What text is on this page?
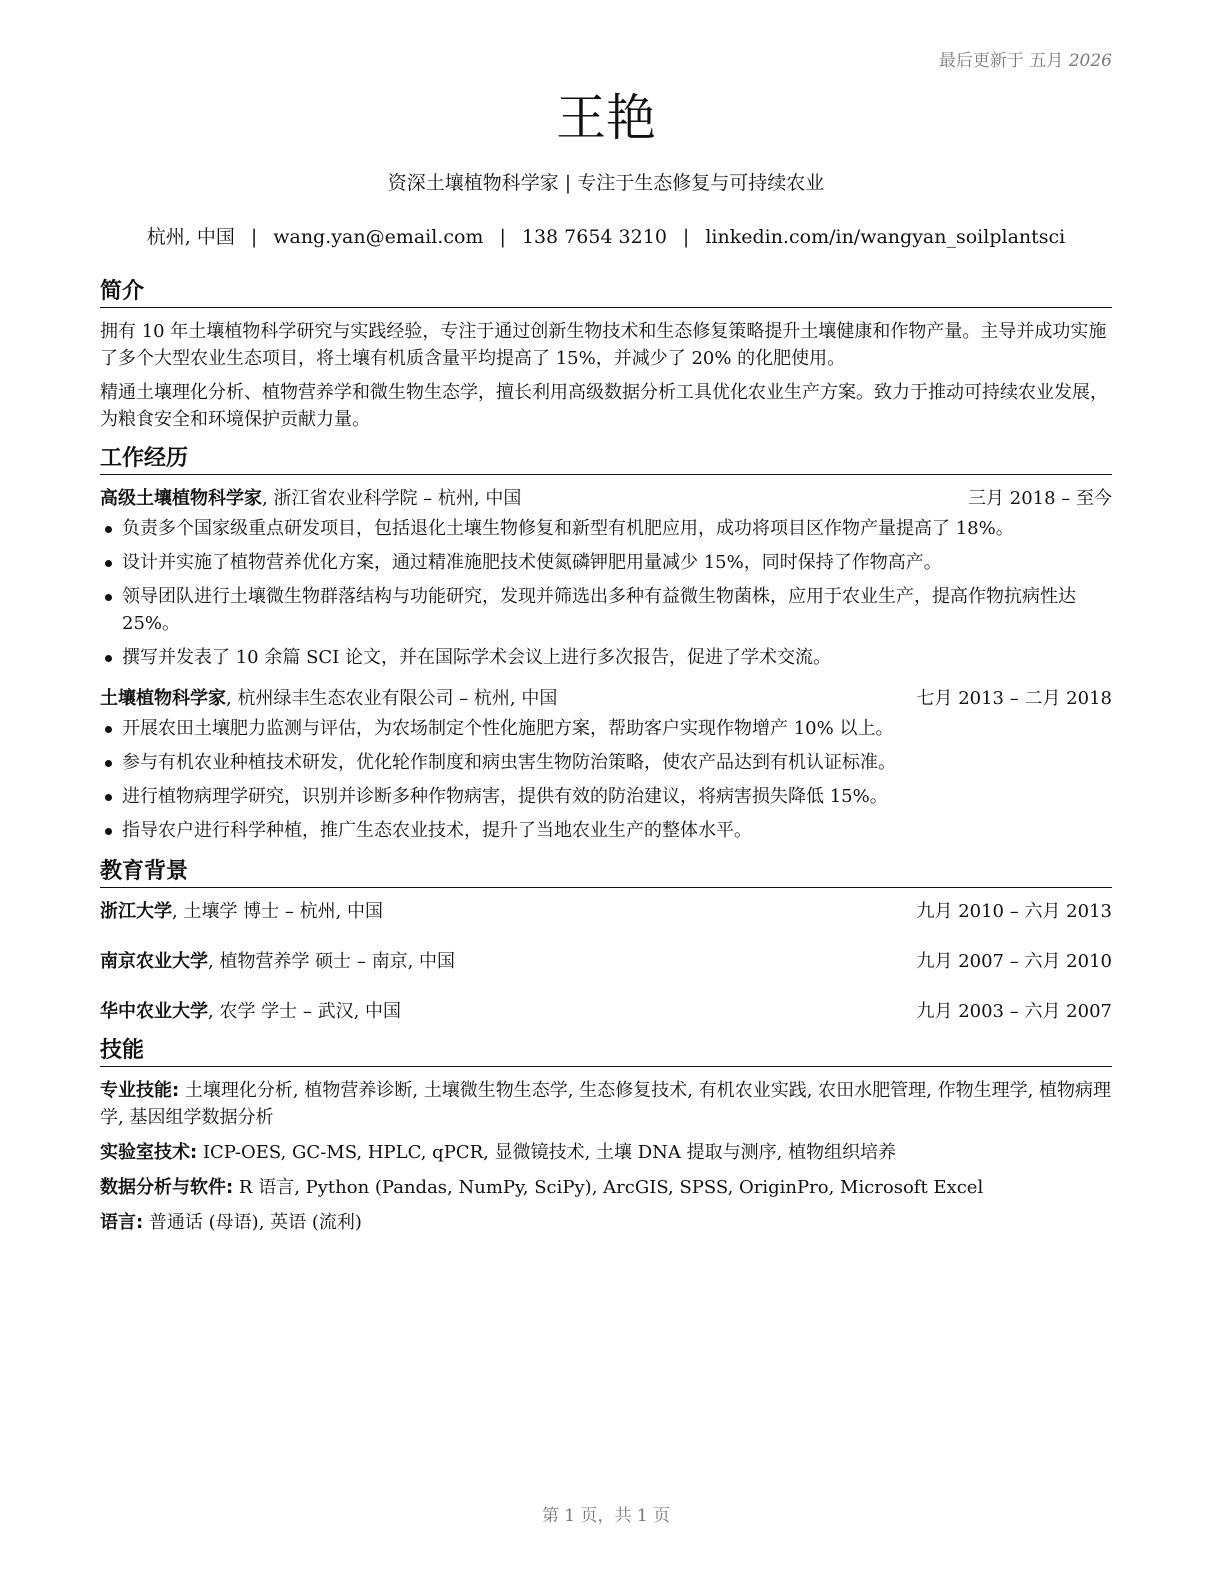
最后更新于 五月 2026
王艳
资深土壤植物科学家 | 专注于生态修复与可持续农业
杭州, 中国 | wang.yan@email.com | 138 7654 3210 | linkedin.com/in/wangyan_soilplantsci
简介

拥有 10 年土壤植物科学研究与实践经验，专注于通过创新生物技术和生态修复策略提升土壤健康和作物产量。主导并成功实施了多个大型农业生态项目，将土壤有机质含量平均提高了 15%，并减少了 20% 的化肥使用。

精通土壤理化分析、植物营养学和微生物生态学，擅长利用高级数据分析工具优化农业生产方案。致力于推动可持续农业发展，为粮食安全和环境保护贡献力量。

工作经历
高级土壤植物科学家, 浙江省农业科学院 – 杭州, 中国	三月 2018 – 至今
负责多个国家级重点研发项目，包括退化土壤生物修复和新型有机肥应用，成功将项目区作物产量提高了 18%。
设计并实施了植物营养优化方案，通过精准施肥技术使氮磷钾肥用量减少 15%，同时保持了作物高产。
领导团队进行土壤微生物群落结构与功能研究，发现并筛选出多种有益微生物菌株，应用于农业生产，提高作物抗病性达 25%。
撰写并发表了 10 余篇 SCI 论文，并在国际学术会议上进行多次报告，促进了学术交流。
土壤植物科学家, 杭州绿丰生态农业有限公司 – 杭州, 中国	七月 2013 – 二月 2018
开展农田土壤肥力监测与评估，为农场制定个性化施肥方案，帮助客户实现作物增产 10% 以上。
参与有机农业种植技术研发，优化轮作制度和病虫害生物防治策略，使农产品达到有机认证标准。
进行植物病理学研究，识别并诊断多种作物病害，提供有效的防治建议，将病害损失降低 15%。
指导农户进行科学种植，推广生态农业技术，提升了当地农业生产的整体水平。
教育背景
浙江大学, 土壤学 博士 – 杭州, 中国	九月 2010 – 六月 2013
南京农业大学, 植物营养学 硕士 – 南京, 中国	九月 2007 – 六月 2010
华中农业大学, 农学 学士 – 武汉, 中国	九月 2003 – 六月 2007
技能
专业技能: 土壤理化分析, 植物营养诊断, 土壤微生物生态学, 生态修复技术, 有机农业实践, 农田水肥管理, 作物生理学, 植物病理学, 基因组学数据分析
实验室技术: ICP-OES, GC-MS, HPLC, qPCR, 显微镜技术, 土壤 DNA 提取与测序, 植物组织培养
数据分析与软件: R 语言, Python (Pandas, NumPy, SciPy), ArcGIS, SPSS, OriginPro, Microsoft Excel
语言: 普通话 (母语), 英语 (流利)
第 1 页，共 1 页
